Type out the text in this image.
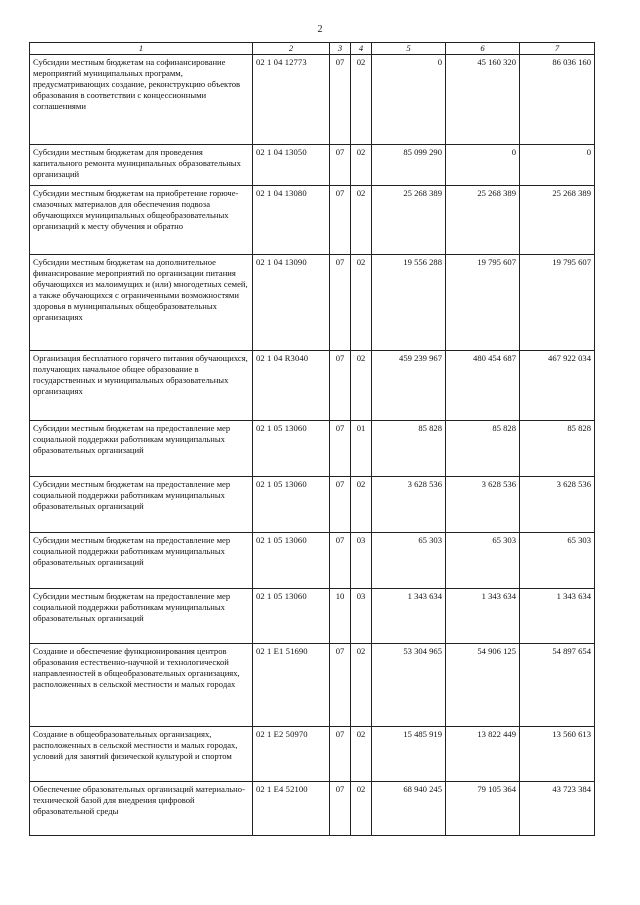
2
1	2	3	4	5	6	7
Субсидии местным бюджетам на софинансирование мероприятий муниципальных программ, предусматривающих создание, реконструкцию объектов образования в соответствии с концессионными соглашениями	02 1 04 12773	07	02	0	45 160 320	86 036 160
Субсидии местным бюджетам для проведения капитального ремонта муниципальных образовательных организаций	02 1 04 13050	07	02	85 099 290	0	0
Субсидии местным бюджетам на приобретение горюче-смазочных материалов для обеспечения подвоза обучающихся муниципальных общеобразовательных организаций к месту обучения и обратно	02 1 04 13080	07	02	25 268 389	25 268 389	25 268 389
Субсидии местным бюджетам на дополнительное финансирование мероприятий по организации питания обучающихся из малоимущих и (или) многодетных семей, а также обучающихся с ограниченными возможностями здоровья в муниципальных общеобразовательных организациях	02 1 04 13090	07	02	19 556 288	19 795 607	19 795 607
Организация бесплатного горячего питания обучающихся, получающих начальное общее образование в государственных и муниципальных образовательных организациях	02 1 04 R3040	07	02	459 239 967	480 454 687	467 922 034
Субсидии местным бюджетам на предоставление мер социальной поддержки работникам муниципальных образовательных организаций	02 1 05 13060	07	01	85 828	85 828	85 828
Субсидии местным бюджетам на предоставление мер социальной поддержки работникам муниципальных образовательных организаций	02 1 05 13060	07	02	3 628 536	3 628 536	3 628 536
Субсидии местным бюджетам на предоставление мер социальной поддержки работникам муниципальных образовательных организаций	02 1 05 13060	07	03	65 303	65 303	65 303
Субсидии местным бюджетам на предоставление мер социальной поддержки работникам муниципальных образовательных организаций	02 1 05 13060	10	03	1 343 634	1 343 634	1 343 634
Создание и обеспечение функционирования центров образования естественно-научной и технологической направленностей в общеобразовательных организациях, расположенных в сельской местности и малых городах	02 1 E1 51690	07	02	53 304 965	54 906 125	54 897 654
Создание в общеобразовательных организациях, расположенных в сельской местности и малых городах, условий для занятий физической культурой и спортом	02 1 E2 50970	07	02	15 485 919	13 822 449	13 560 613
Обеспечение образовательных организаций материально-технической базой для внедрения цифровой образовательной среды	02 1 E4 52100	07	02	68 940 245	79 105 364	43 723 384
